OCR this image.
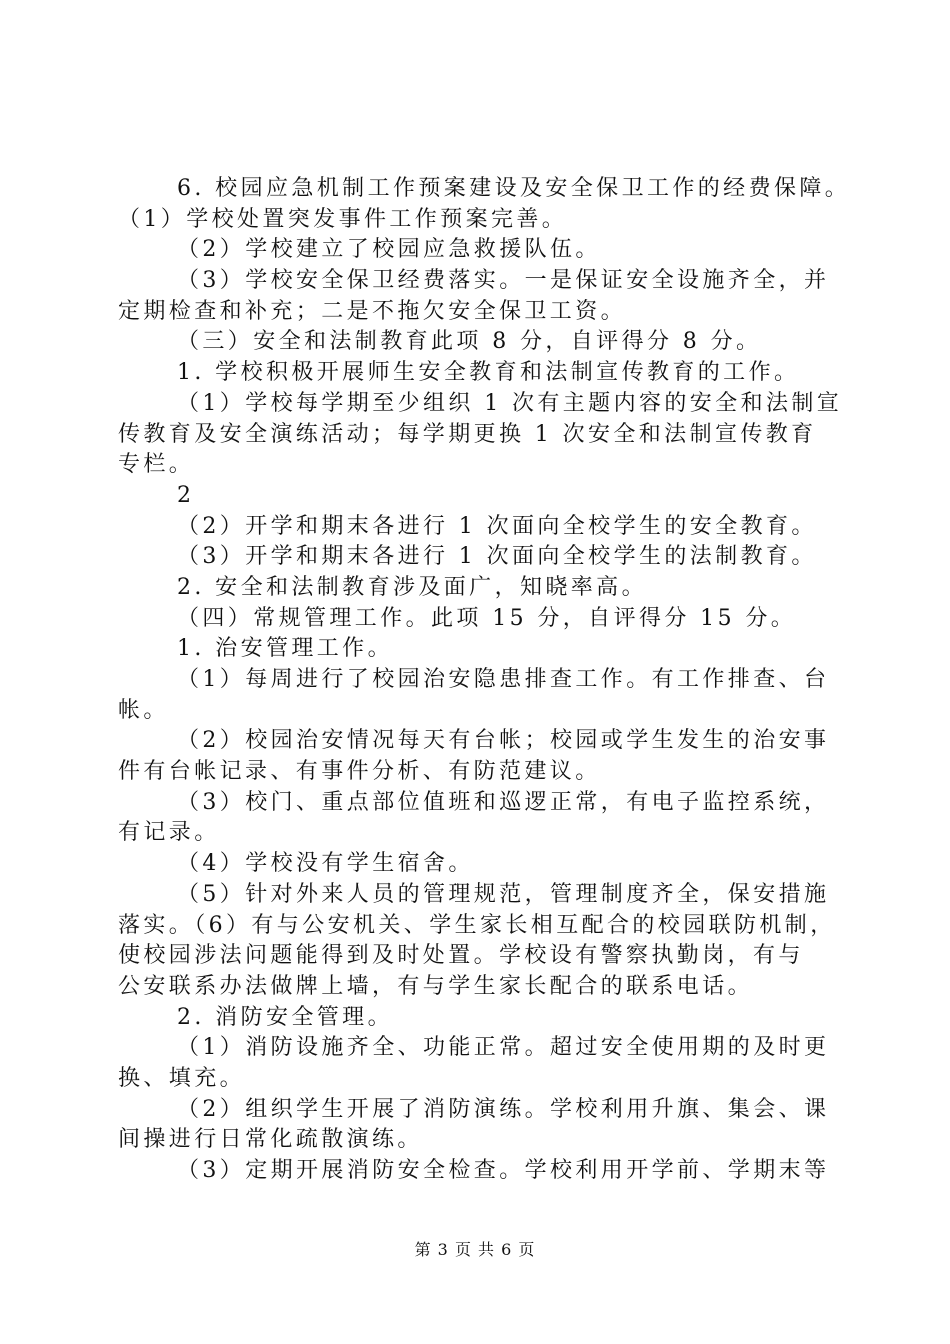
6. 校园应急机制工作预案建设及安全保卫工作的经费保障。
（1）学校处置突发事件工作预案完善。
（2）学校建立了校园应急救援队伍。
（3）学校安全保卫经费落实。一是保证安全设施齐全，并
定期检查和补充；二是不拖欠安全保卫工资。
（三）安全和法制教育此项 8 分，自评得分 8 分。
1. 学校积极开展师生安全教育和法制宣传教育的工作。
（1）学校每学期至少组织 1 次有主题内容的安全和法制宣
传教育及安全演练活动；每学期更换 1 次安全和法制宣传教育
专栏。
2
（2）开学和期末各进行 1 次面向全校学生的安全教育。
（3）开学和期末各进行 1 次面向全校学生的法制教育。
2. 安全和法制教育涉及面广，知晓率高。
（四）常规管理工作。此项 15 分，自评得分 15 分。
1. 治安管理工作。
（1）每周进行了校园治安隐患排查工作。有工作排查、台
帐。
（2）校园治安情况每天有台帐；校园或学生发生的治安事
件有台帐记录、有事件分析、有防范建议。
（3）校门、重点部位值班和巡逻正常，有电子监控系统，
有记录。
（4）学校没有学生宿舍。
（5）针对外来人员的管理规范，管理制度齐全，保安措施
落实。（6）有与公安机关、学生家长相互配合的校园联防机制，
使校园涉法问题能得到及时处置。学校设有警察执勤岗，有与
公安联系办法做牌上墙，有与学生家长配合的联系电话。
2. 消防安全管理。
（1）消防设施齐全、功能正常。超过安全使用期的及时更
换、填充。
（2）组织学生开展了消防演练。学校利用升旗、集会、课
间操进行日常化疏散演练。
（3）定期开展消防安全检查。学校利用开学前、学期末等
第 3 页 共 6 页
